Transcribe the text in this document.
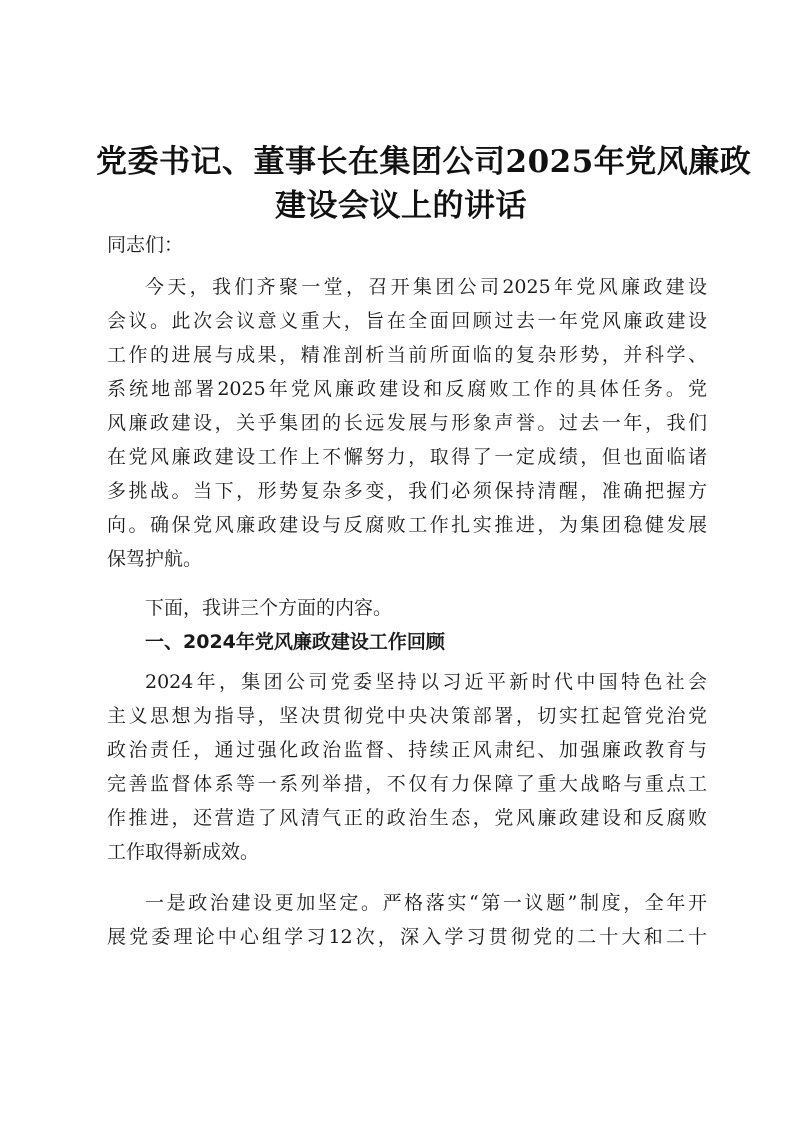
党委书记、董事长在集团公司2025年党风廉政
建设会议上的讲话
同志们：
今天，我们齐聚一堂，召开集团公司2025年党风廉政建设
会议。此次会议意义重大，旨在全面回顾过去一年党风廉政建设
工作的进展与成果，精准剖析当前所面临的复杂形势，并科学、
系统地部署2025年党风廉政建设和反腐败工作的具体任务。党
风廉政建设，关乎集团的长远发展与形象声誉。过去一年，我们
在党风廉政建设工作上不懈努力，取得了一定成绩，但也面临诸
多挑战。当下，形势复杂多变，我们必须保持清醒，准确把握方
向。确保党风廉政建设与反腐败工作扎实推进，为集团稳健发展
保驾护航。
下面，我讲三个方面的内容。
一、2024年党风廉政建设工作回顾
2024年，集团公司党委坚持以习近平新时代中国特色社会
主义思想为指导，坚决贯彻党中央决策部署，切实扛起管党治党
政治责任，通过强化政治监督、持续正风肃纪、加强廉政教育与
完善监督体系等一系列举措，不仅有力保障了重大战略与重点工
作推进，还营造了风清气正的政治生态，党风廉政建设和反腐败
工作取得新成效。
一是政治建设更加坚定。严格落实“第一议题”制度，全年开
展党委理论中心组学习12次，深入学习贯彻党的二十大和二十
